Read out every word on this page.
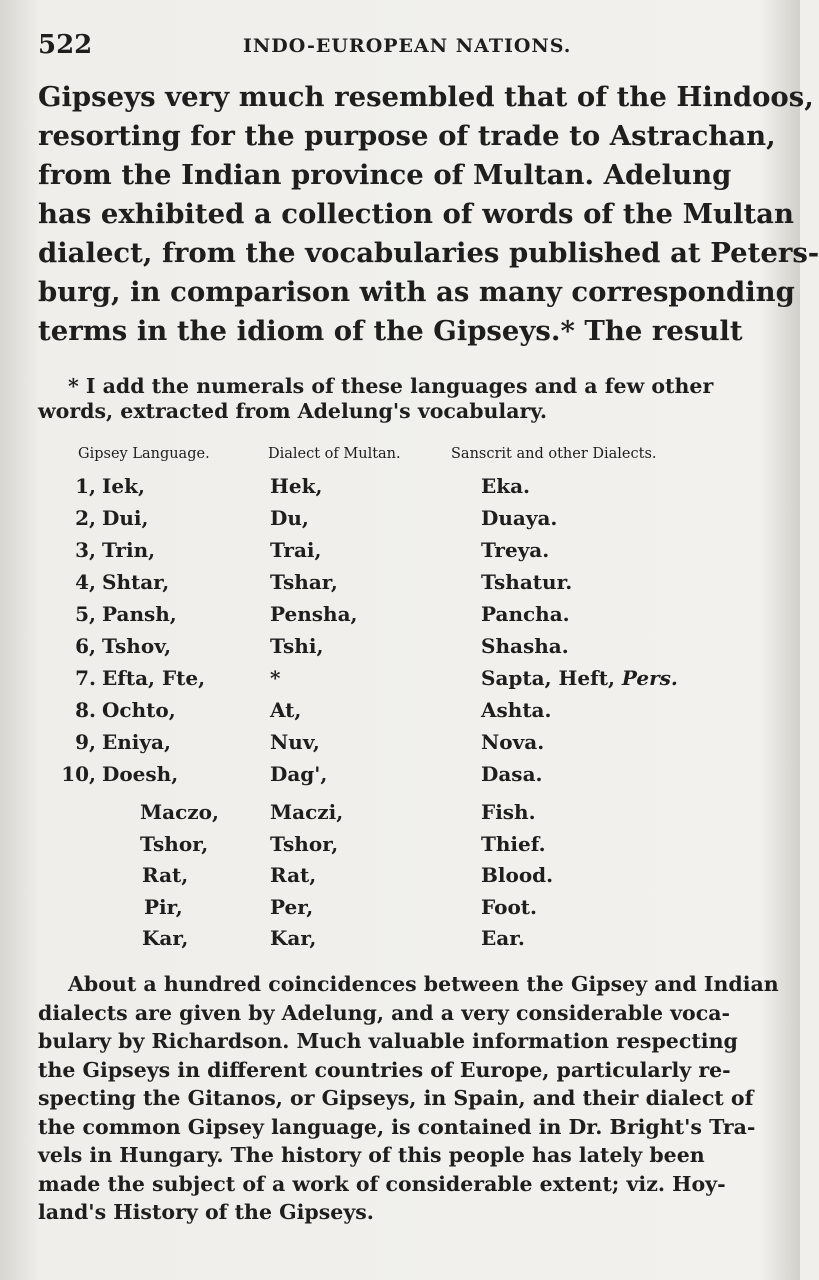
522	INDO-EUROPEAN NATIONS.
Gipseys very much resembled that of the Hindoos,
resorting for the purpose of trade to Astrachan,
from the Indian province of Multan. Adelung
has exhibited a collection of words of the Multan
dialect, from the vocabularies published at Peters-
burg, in comparison with as many corresponding
terms in the idiom of the Gipseys.* The result
* I add the numerals of these languages and a few other
words, extracted from Adelung's vocabulary.
Gipsey Language.	Dialect of Multan.	Sanscrit and other Dialects.
1, Iek,	Hek,	Eka.
2, Dui,	Du,	Duaya.
3, Trin,	Trai,	Treya.
4, Shtar,	Tshar,	Tshatur.
5, Pansh,	Pensha,	Pancha.
6, Tshov,	Tshi,	Shasha.
7. Efta, Fte,	*	Sapta, Heft, Pers.
8. Ochto,	At,	Ashta.
9, Eniya,	Nuv,	Nova.
10, Doesh,	Dag',	Dasa.
Maczo,	Maczi,	Fish.
Tshor,	Tshor,	Thief.
Rat,	Rat,	Blood.
Pir,	Per,	Foot.
Kar,	Kar,	Ear.
About a hundred coincidences between the Gipsey and Indian
dialects are given by Adelung, and a very considerable voca-
bulary by Richardson. Much valuable information respecting
the Gipseys in different countries of Europe, particularly re-
specting the Gitanos, or Gipseys, in Spain, and their dialect of
the common Gipsey language, is contained in Dr. Bright's Tra-
vels in Hungary. The history of this people has lately been
made the subject of a work of considerable extent; viz. Hoy-
land's History of the Gipseys.
